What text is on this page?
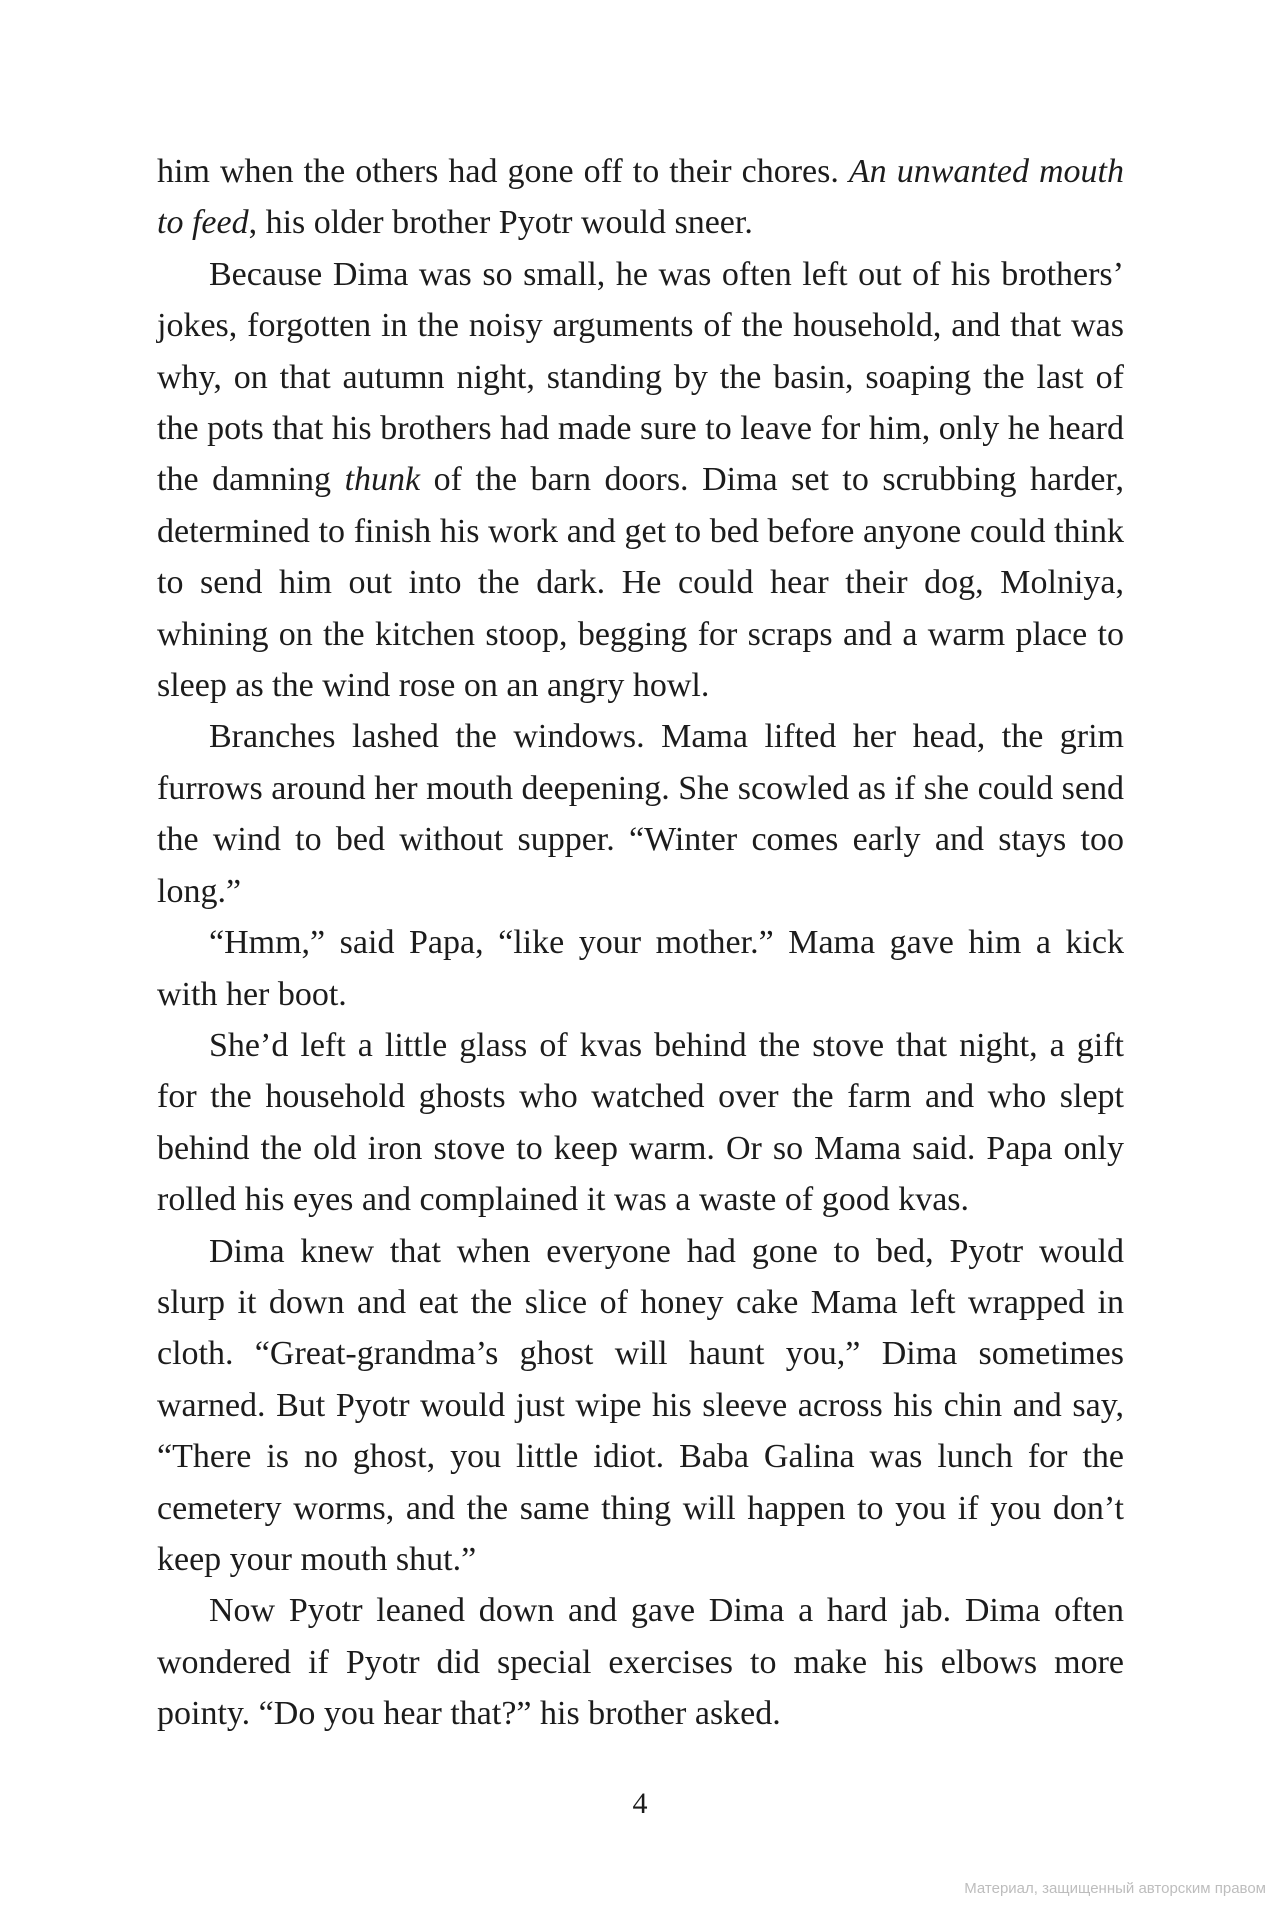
him when the others had gone off to their chores. An unwanted mouth to feed, his older brother Pyotr would sneer.

Because Dima was so small, he was often left out of his brothers’ jokes, forgotten in the noisy arguments of the household, and that was why, on that autumn night, standing by the basin, soaping the last of the pots that his brothers had made sure to leave for him, only he heard the damning thunk of the barn doors. Dima set to scrubbing harder, determined to finish his work and get to bed before anyone could think to send him out into the dark. He could hear their dog, Molniya, whining on the kitchen stoop, begging for scraps and a warm place to sleep as the wind rose on an angry howl.

Branches lashed the windows. Mama lifted her head, the grim furrows around her mouth deepening. She scowled as if she could send the wind to bed without supper. “Winter comes early and stays too long.”

“Hmm,” said Papa, “like your mother.” Mama gave him a kick with her boot.

She’d left a little glass of kvas behind the stove that night, a gift for the household ghosts who watched over the farm and who slept behind the old iron stove to keep warm. Or so Mama said. Papa only rolled his eyes and complained it was a waste of good kvas.

Dima knew that when everyone had gone to bed, Pyotr would slurp it down and eat the slice of honey cake Mama left wrapped in cloth. “Great-grandma’s ghost will haunt you,” Dima sometimes warned. But Pyotr would just wipe his sleeve across his chin and say, “There is no ghost, you little idiot. Baba Galina was lunch for the cemetery worms, and the same thing will happen to you if you don’t keep your mouth shut.”

Now Pyotr leaned down and gave Dima a hard jab. Dima often wondered if Pyotr did special exercises to make his elbows more pointy. “Do you hear that?” his brother asked.

4
Материал, защищенный авторским правом
